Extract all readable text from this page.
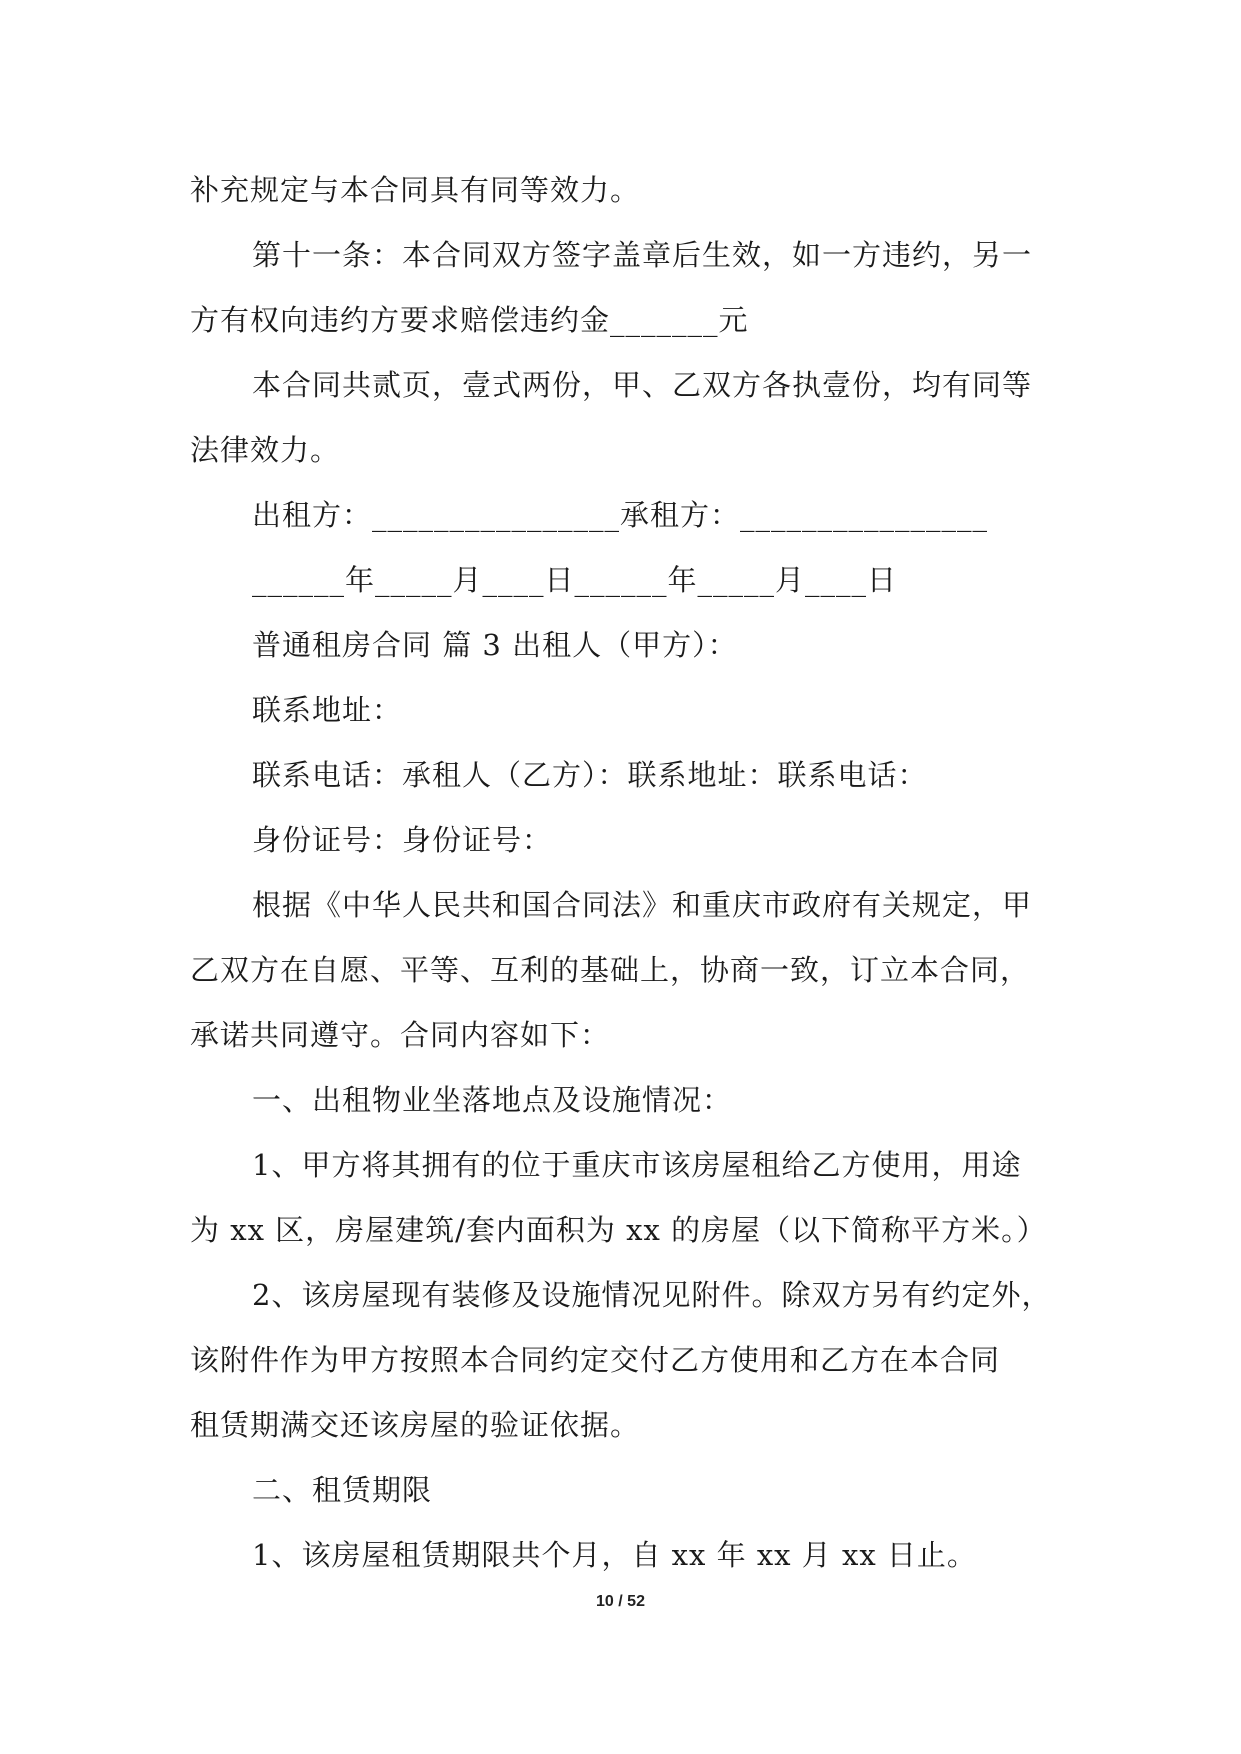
补充规定与本合同具有同等效力。
第十一条：本合同双方签字盖章后生效，如一方违约，另一
方有权向违约方要求赔偿违约金_______元
本合同共贰页，壹式两份，甲、乙双方各执壹份，均有同等
法律效力。
出租方：________________承租方：________________
______年_____月____日______年_____月____日
普通租房合同 篇 3 出租人（甲方）：
联系地址：
联系电话：承租人（乙方）：联系地址：联系电话：
身份证号：身份证号：
根据《中华人民共和国合同法》和重庆市政府有关规定，甲
乙双方在自愿、平等、互利的基础上，协商一致，订立本合同，
承诺共同遵守。合同内容如下：
一、出租物业坐落地点及设施情况：
1、甲方将其拥有的位于重庆市该房屋租给乙方使用，用途
为 xx 区，房屋建筑/套内面积为 xx 的房屋（以下简称平方米。）
2、该房屋现有装修及设施情况见附件。除双方另有约定外，
该附件作为甲方按照本合同约定交付乙方使用和乙方在本合同
租赁期满交还该房屋的验证依据。
二、租赁期限
1、该房屋租赁期限共个月，自 xx 年 xx 月 xx 日止。
10 / 52
